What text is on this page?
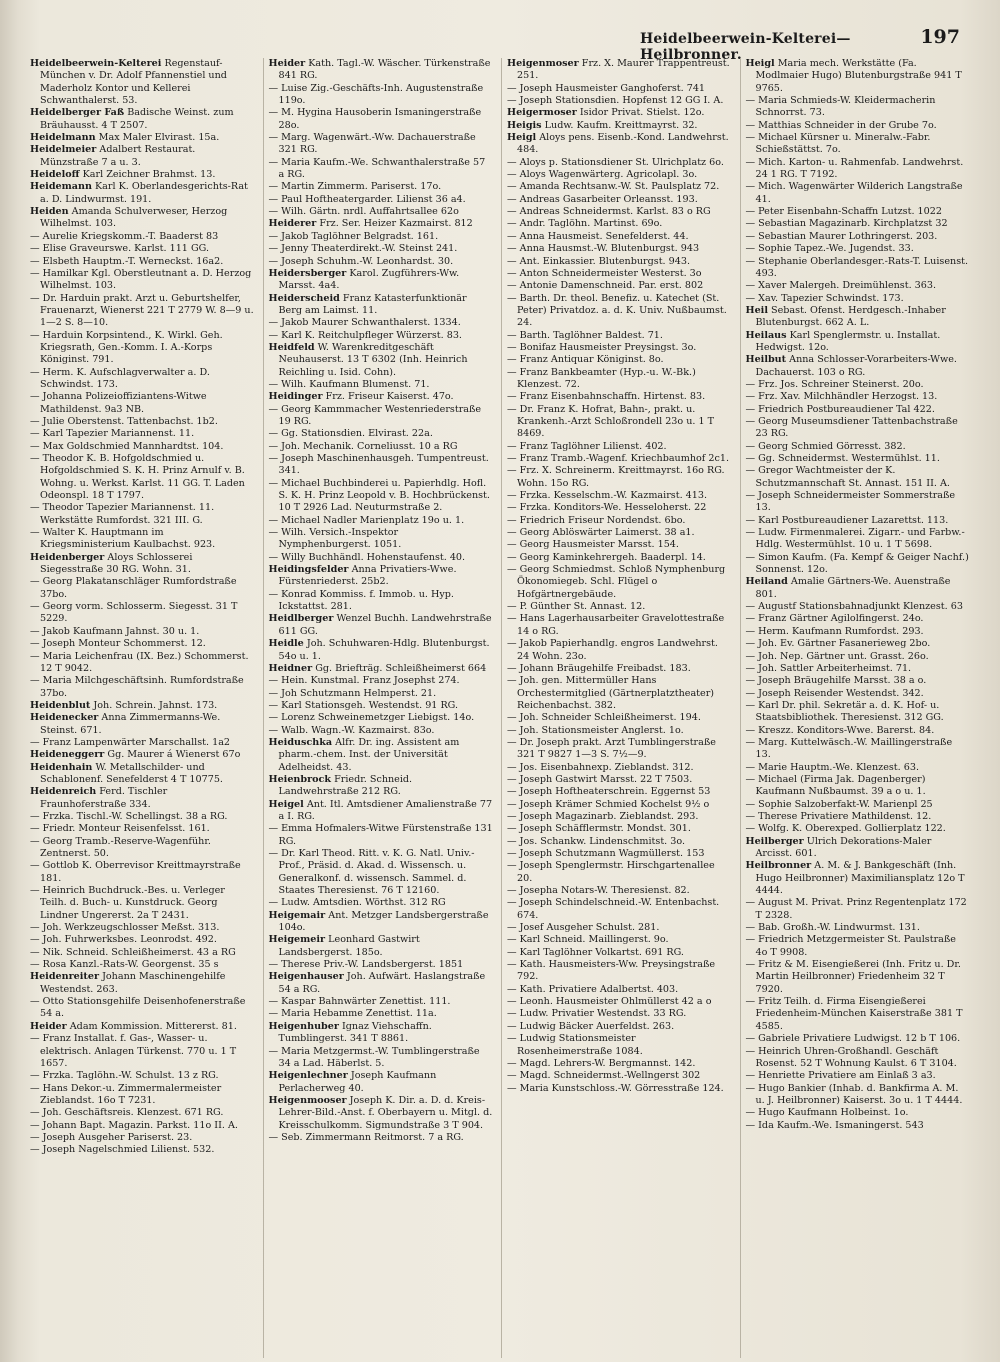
Heidelbeerwein-Kelterei—Heilbronner.
197

Heidelbeerwein-Kelterei Regenstauf- München v. Dr. Adolf Pfannenstiel und Maderholz Kontor und Kellerei Schwanthalerst. 53.

Heidelberger Faß Badische Weinst. zum Bräuhausst. 4 T 2507.

Heidelmann Max Maler Elvirast. 15a.

Heidelmeier Adalbert Restaurat. Münzstraße 7 a u. 3.

Heideloff Karl Zeichner Brahmst. 13.

Heidemann Karl K. Oberlandesgerichts-Rat a. D. Lindwurmst. 191.

Heiden Amanda Schulverweser, Herzog Wilhelmst. 103.

— Aurelie Kriegskomm.-T. Baaderst 83

— Elise Graveurswe. Karlst. 111 GG.

— Elsbeth Hauptm.-T. Werneckst. 16a2.

— Hamilkar Kgl. Oberstleutnant a. D. Herzog Wilhelmst. 103.

— Dr. Harduin prakt. Arzt u. Geburtshelfer, Frauenarzt, Wienerst 221 T 2779 W. 8—9 u. 1—2 S. 8—10.

— Harduin Korpsintend., K. Wirkl. Geh. Kriegsrath, Gen.-Komm. I. A.-Korps Königinst. 791.

— Herm. K. Aufschlagverwalter a. D. Schwindst. 173.

— Johanna Polizeioffiziantens-Witwe Mathildenst. 9a3 NB.

— Julie Oberstenst. Tattenbachst. 1b2.

— Karl Tapezier Mariannenst. 11.

— Max Goldschmied Mannhardtst. 104.

— Theodor K. B. Hofgoldschmied u. Hofgoldschmied S. K. H. Prinz Arnulf v. B. Wohng. u. Werkst. Karlst. 11 GG. T. Laden Odeonspl. 18 T 1797.

— Theodor Tapezier Mariannenst. 11. Werkstätte Rumfordst. 321 III. G.

— Walter K. Hauptmann im Kriegsministerium Kaulbachst. 923.

Heidenberger Aloys Schlosserei Siegesstraße 30 RG. Wohn. 31.

— Georg Plakatanschläger Rumfordstraße 37bo.

— Georg vorm. Schlosserm. Siegesst. 31 T 5229.

— Jakob Kaufmann Jahnst. 30 u. 1.

— Joseph Monteur Schommerst. 12.

— Maria Leichenfrau (IX. Bez.) Schommerst. 12 T 9042.

— Maria Milchgeschäftsinh. Rumfordstraße 37bo.

Heidenblut Joh. Schrein. Jahnst. 173.

Heidenecker Anna Zimmermanns-We. Steinst. 671.

— Franz Lampenwärter Marschallst. 1a2

Heideneggerr Gg. Maurer á Wienerst 67o

Heidenhain W. Metallschilder- und Schablonenf. Senefelderst 4 T 10775.

Heidenreich Ferd. Tischler Fraunhoferstraße 334.

— Frzka. Tischl.-W. Schellingst. 38 a RG.

— Friedr. Monteur Reisenfelsst. 161.

— Georg Tramb.-Reserve-Wagenführ. Zentnerst. 50.

— Gottlob K. Oberrevisor Kreittmayrstraße 181.

— Heinrich Buchdruck.-Bes. u. Verleger Teilh. d. Buch- u. Kunstdruck. Georg Lindner Ungererst. 2a T 2431.

— Joh. Werkzeugschlosser Meßst. 313.

— Joh. Fuhrwerksbes. Leonrodst. 492.

— Nik. Schneid. Schleißheimerst. 43 a RG

— Rosa Kanzl.-Rats-W. Georgenst. 35 s

Heidenreiter Johann Maschinengehilfe Westendst. 263.

— Otto Stationsgehilfe Deisenhofenerstraße 54 a.

Heider Adam Kommission. Mittererst. 81.

— Franz Installat. f. Gas-, Wasser- u. elektrisch. Anlagen Türkenst. 770 u. 1 T 1657.

— Frzka. Taglöhn.-W. Schulst. 13 z RG.

— Hans Dekor.-u. Zimmermalermeister Zieblandst. 16o T 7231.

— Joh. Geschäftsreis. Klenzest. 671 RG.

— Johann Bapt. Magazin. Parkst. 11o II. A.

— Joseph Ausgeher Pariserst. 23.

— Joseph Nagelschmied Lilienst. 532.

Heider Kath. Tagl.-W. Wäscher. Türkenstraße 841 RG.

— Luise Zig.-Geschäfts-Inh. Augustenstraße 119o.

— M. Hygina Hausoberin Ismaningerstraße 28o.

— Marg. Wagenwärt.-Ww. Dachauerstraße 321 RG.

— Maria Kaufm.-We. Schwanthalerstraße 57 a RG.

— Martin Zimmerm. Pariserst. 17o.

— Paul Hoftheatergarder. Lilienst 36 a4.

— Wilh. Gärtn. nrdl. Auffahrtsallee 62o

Heiderer Frz. Ser. Heizer Kazmairst. 812

— Jakob Taglöhner Belgradst. 161.

— Jenny Theaterdirekt.-W. Steinst 241.

— Joseph Schuhm.-W. Leonhardst. 30.

Heidersberger Karol. Zugführers-Ww. Marsst. 4a4.

Heiderscheid Franz Katasterfunktionär Berg am Laimst. 11.

— Jakob Maurer Schwanthalerst. 1334.

— Karl K. Reitchulpfleger Würzerst. 83.

Heidfeld W. Warenkreditgeschäft Neuhauserst. 13 T 6302 (Inh. Heinrich Reichling u. Isid. Cohn).

— Wilh. Kaufmann Blumenst. 71.

Heidinger Frz. Friseur Kaiserst. 47o.

— Georg Kammmacher Westenriederstraße 19 RG.

— Gg. Stationsdien. Elvirast. 22a.

— Joh. Mechanik. Corneliusst. 10 a RG

— Joseph Maschinenhausgeh. Tumpentreust. 341.

— Michael Buchbinderei u. Papierhdlg. Hofl. S. K. H. Prinz Leopold v. B. Hochbrückenst. 10 T 2926 Lad. Neuturmstraße 2.

— Michael Nadler Marienplatz 19o u. 1.

— Wilh. Versich.-Inspektor Nymphenburgerst. 1051.

— Willy Buchhändl. Hohenstaufenst. 40.

Heidingsfelder Anna Privatiers-Wwe. Fürstenriederst. 25b2.

— Konrad Kommiss. f. Immob. u. Hyp. Ickstattst. 281.

Heidlberger Wenzel Buchh. Landwehrstraße 611 GG.

Heidle Joh. Schuhwaren-Hdlg. Blutenburgst. 54o u. 1.

Heidner Gg. Briefträg. Schleißheimerst 664

— Hein. Kunstmal. Franz Josephst 274.

— Joh Schutzmann Helmperst. 21.

— Karl Stationsgeh. Westendst. 91 RG.

— Lorenz Schweinemetzger Liebigst. 14o.

— Walb. Wagn.-W. Kazmairst. 83o.

Heiduschka Alfr. Dr. ing. Assistent am pharm.-chem. Inst. der Universität Adelheidst. 43.

Heienbrock Friedr. Schneid. Landwehrstraße 212 RG.

Heigel Ant. Itl. Amtsdiener Amalienstraße 77 a I. RG.

— Emma Hofmalers-Witwe Fürstenstraße 131 RG.

— Dr. Karl Theod. Ritt. v. K. G. Natl. Univ.-Prof., Präsid. d. Akad. d. Wissensch. u. Generalkonf. d. wissensch. Sammel. d. Staates Theresienst. 76 T 12160.

— Ludw. Amtsdien. Wörthst. 312 RG

Heigemair Ant. Metzger Landsbergerstraße 104o.

Heigemeir Leonhard Gastwirt Landsbergerst. 185o.

— Therese Priv.-W. Landsbergerst. 1851

Heigenhauser Joh. Aufwärt. Haslangstraße 54 a RG.

— Kaspar Bahnwärter Zenettist. 111.

— Maria Hebamme Zenettist. 11a.

Heigenhuber Ignaz Viehschaffn. Tumblingerst. 341 T 8861.

— Maria Metzgermst.-W. Tumblingerstraße 34 a Lad. Häberlst. 5.

Heigenlechner Joseph Kaufmann Perlacherweg 40.

Heigenmooser Joseph K. Dir. a. D. d. Kreis-Lehrer-Bild.-Anst. f. Oberbayern u. Mitgl. d. Kreisschulkomm. Sigmundstraße 3 T 904.

— Seb. Zimmermann Reitmorst. 7 a RG.

Heigenmoser Frz. X. Maurer Trappentreust. 251.

— Joseph Hausmeister Ganghoferst. 741

— Joseph Stationsdien. Hopfenst 12 GG I. A.

Heigermoser Isidor Privat. Stielst. 12o.

Heigis Ludw. Kaufm. Kreittmayrst. 32.

Heigl Aloys pens. Eisenb.-Kond. Landwehrst. 484.

— Aloys p. Stationsdiener St. Ulrichplatz 6o.

— Aloys Wagenwärterg. Agricolapl. 3o.

— Amanda Rechtsanw.-W. St. Paulsplatz 72.

— Andreas Gasarbeiter Orleansst. 193.

— Andreas Schneidermst. Karlst. 83 o RG

— Andr. Taglöhn. Martinst. 69o.

— Anna Hausmeist. Senefelderst. 44.

— Anna Hausmst.-W. Blutenburgst. 943

— Ant. Einkassier. Blutenburgst. 943.

— Anton Schneidermeister Westerst. 3o

— Antonie Damenschneid. Par. erst. 802

— Barth. Dr. theol. Benefiz. u. Katechet (St. Peter) Privatdoz. a. d. K. Univ. Nußbaumst. 24.

— Barth. Taglöhner Baldest. 71.

— Bonifaz Hausmeister Preysingst. 3o.

— Franz Antiquar Königinst. 8o.

— Franz Bankbeamter (Hyp.-u. W.-Bk.) Klenzest. 72.

— Franz Eisenbahnschaffn. Hirtenst. 83.

— Dr. Franz K. Hofrat, Bahn-, prakt. u. Krankenh.-Arzt Schloßrondell 23o u. 1 T 8469.

— Franz Taglöhner Lilienst. 402.

— Franz Tramb.-Wagenf. Kriechbaumhof 2c1.

— Frz. X. Schreinerm. Kreittmayrst. 16o RG. Wohn. 15o RG.

— Frzka. Kesselschm.-W. Kazmairst. 413.

— Frzka. Konditors-We. Hesseloherst. 22

— Friedrich Friseur Nordendst. 6bo.

— Georg Ablöswärter Laimerst. 38 a1.

— Georg Hausmeister Marsst. 154.

— Georg Kaminkehrergeh. Baaderpl. 14.

— Georg Schmiedmst. Schloß Nymphenburg Ökonomiegeb. Schl. Flügel o Hofgärtnergebäude.

— P. Günther St. Annast. 12.

— Hans Lagerhausarbeiter Gravelottestraße 14 o RG.

— Jakob Papierhandlg. engros Landwehrst. 24 Wohn. 23o.

— Johann Bräugehilfe Freibadst. 183.

— Joh. gen. Mittermüller Hans Orchestermitglied (Gärtnerplatztheater) Reichenbachst. 382.

— Joh. Schneider Schleißheimerst. 194.

— Joh. Stationsmeister Anglerst. 1o.

— Dr. Joseph prakt. Arzt Tumblingerstraße 321 T 9827 1—3 S. 7½—9.

— Jos. Eisenbahnexp. Zieblandst. 312.

— Joseph Gastwirt Marsst. 22 T 7503.

— Joseph Hoftheaterschrein. Eggernst 53

— Joseph Krämer Schmied Kochelst 9½ o

— Joseph Magazinarb. Zieblandst. 293.

— Joseph Schäfflermstr. Mondst. 301.

— Jos. Schankw. Lindenschmitst. 3o.

— Joseph Schutzmann Wagmüllerst. 153

— Joseph Spenglermstr. Hirschgartenallee 20.

— Josepha Notars-W. Theresienst. 82.

— Joseph Schindelschneid.-W. Entenbachst. 674.

— Josef Ausgeher Schulst. 281.

— Karl Schneid. Maillingerst. 9o.

— Karl Taglöhner Volkartst. 691 RG.

— Kath. Hausmeisters-Ww. Preysingstraße 792.

— Kath. Privatiere Adalbertst. 403.

— Leonh. Hausmeister Ohlmüllerst 42 a o

— Ludw. Privatier Westendst. 33 RG.

— Ludwig Bäcker Auerfeldst. 263.

— Ludwig Stationsmeister Rosenheimerstraße 1084.

— Magd. Lehrers-W. Bergmannst. 142.

— Magd. Schneidermst.-Wellngerst 302

— Maria Kunstschloss.-W. Görresstraße 124.

Heigl Maria mech. Werkstätte (Fa. Modlmaier Hugo) Blutenburgstraße 941 T 9765.

— Maria Schmieds-W. Kleidermacherin Schnorrst. 73.

— Matthias Schneider in der Grube 7o.

— Michael Kürsner u. Mineralw.-Fabr. Schießstättst. 7o.

— Mich. Karton- u. Rahmenfab. Landwehrst. 24 1 RG. T 7192.

— Mich. Wagenwärter Wilderich Langstraße 41.

— Peter Eisenbahn-Schaffn Lutzst. 1022

— Sebastian Magazinarb. Kirchplatzst 32

— Sebastian Maurer Lothringerst. 203.

— Sophie Tapez.-We. Jugendst. 33.

— Stephanie Oberlandesger.-Rats-T. Luisenst. 493.

— Xaver Malergeh. Dreimühlenst. 363.

— Xav. Tapezier Schwindst. 173.

Heil Sebast. Ofenst. Herdgesch.-Inhaber Blutenburgst. 662 A. L.

Heilaus Karl Spenglermstr. u. Installat. Hedwigst. 12o.

Heilbut Anna Schlosser-Vorarbeiters-Wwe. Dachauerst. 103 o RG.

— Frz. Jos. Schreiner Steinerst. 20o.

— Frz. Xav. Milchhändler Herzogst. 13.

— Friedrich Postbureaudiener Tal 422.

— Georg Museumsdiener Tattenbachstraße 23 RG.

— Georg Schmied Görresst. 382.

— Gg. Schneidermst. Westermühlst. 11.

— Gregor Wachtmeister der K. Schutzmannschaft St. Annast. 151 II. A.

— Joseph Schneidermeister Sommerstraße 13.

— Karl Postbureaudiener Lazarettst. 113.

— Ludw. Firmenmalerei. Zigarr.- und Farbw.-Hdlg. Westermühlst. 10 u. 1 T 5698.

— Simon Kaufm. (Fa. Kempf & Geiger Nachf.) Sonnenst. 12o.

Heiland Amalie Gärtners-We. Auenstraße 801.

— Augustf Stationsbahnadjunkt Klenzest. 63

— Franz Gärtner Agilolfingerst. 24o.

— Herm. Kaufmann Rumfordst. 293.

— Joh. Ev. Gärtner Fasanerieweg 2bo.

— Joh. Nep. Gärtner unt. Grasst. 26o.

— Joh. Sattler Arbeiterheimst. 71.

— Joseph Bräugehilfe Marsst. 38 a o.

— Joseph Reisender Westendst. 342.

— Karl Dr. phil. Sekretär a. d. K. Hof- u. Staatsbibliothek. Theresienst. 312 GG.

— Kreszz. Konditors-Wwe. Barerst. 84.

— Marg. Kuttelwäsch.-W. Maillingerstraße 13.

— Marie Hauptm.-We. Klenzest. 63.

— Michael (Firma Jak. Dagenberger) Kaufmann Nußbaumst. 39 a o u. 1.

— Sophie Salzoberfakt-W. Marienpl 25

— Therese Privatiere Mathildenst. 12.

— Wolfg. K. Oberexped. Gollierplatz 122.

Heilberger Ulrich Dekorations-Maler Arcisst. 601.

Heilbronner A. M. & J. Bankgeschäft (Inh. Hugo Heilbronner) Maximiliansplatz 12o T 4444.

— August M. Privat. Prinz Regentenplatz 172 T 2328.

— Bab. Großh.-W. Lindwurmst. 131.

— Friedrich Metzgermeister St. Paulstraße 4o T 9908.

— Fritz & M. Eisengießerei (Inh. Fritz u. Dr. Martin Heilbronner) Friedenheim 32 T 7920.

— Fritz Teilh. d. Firma Eisengießerei Friedenheim-München Kaiserstraße 381 T 4585.

— Gabriele Privatiere Ludwigst. 12 b T 106.

— Heinrich Uhren-Großhandl. Geschäft Rosenst. 52 T Wohnung Kaulst. 6 T 3104.

— Henriette Privatiere am Einlaß 3 a3.

— Hugo Bankier (Inhab. d. Bankfirma A. M. u. J. Heilbronner) Kaiserst. 3o u. 1 T 4444.

— Hugo Kaufmann Holbeinst. 1o.

— Ida Kaufm.-We. Ismaningerst. 543
